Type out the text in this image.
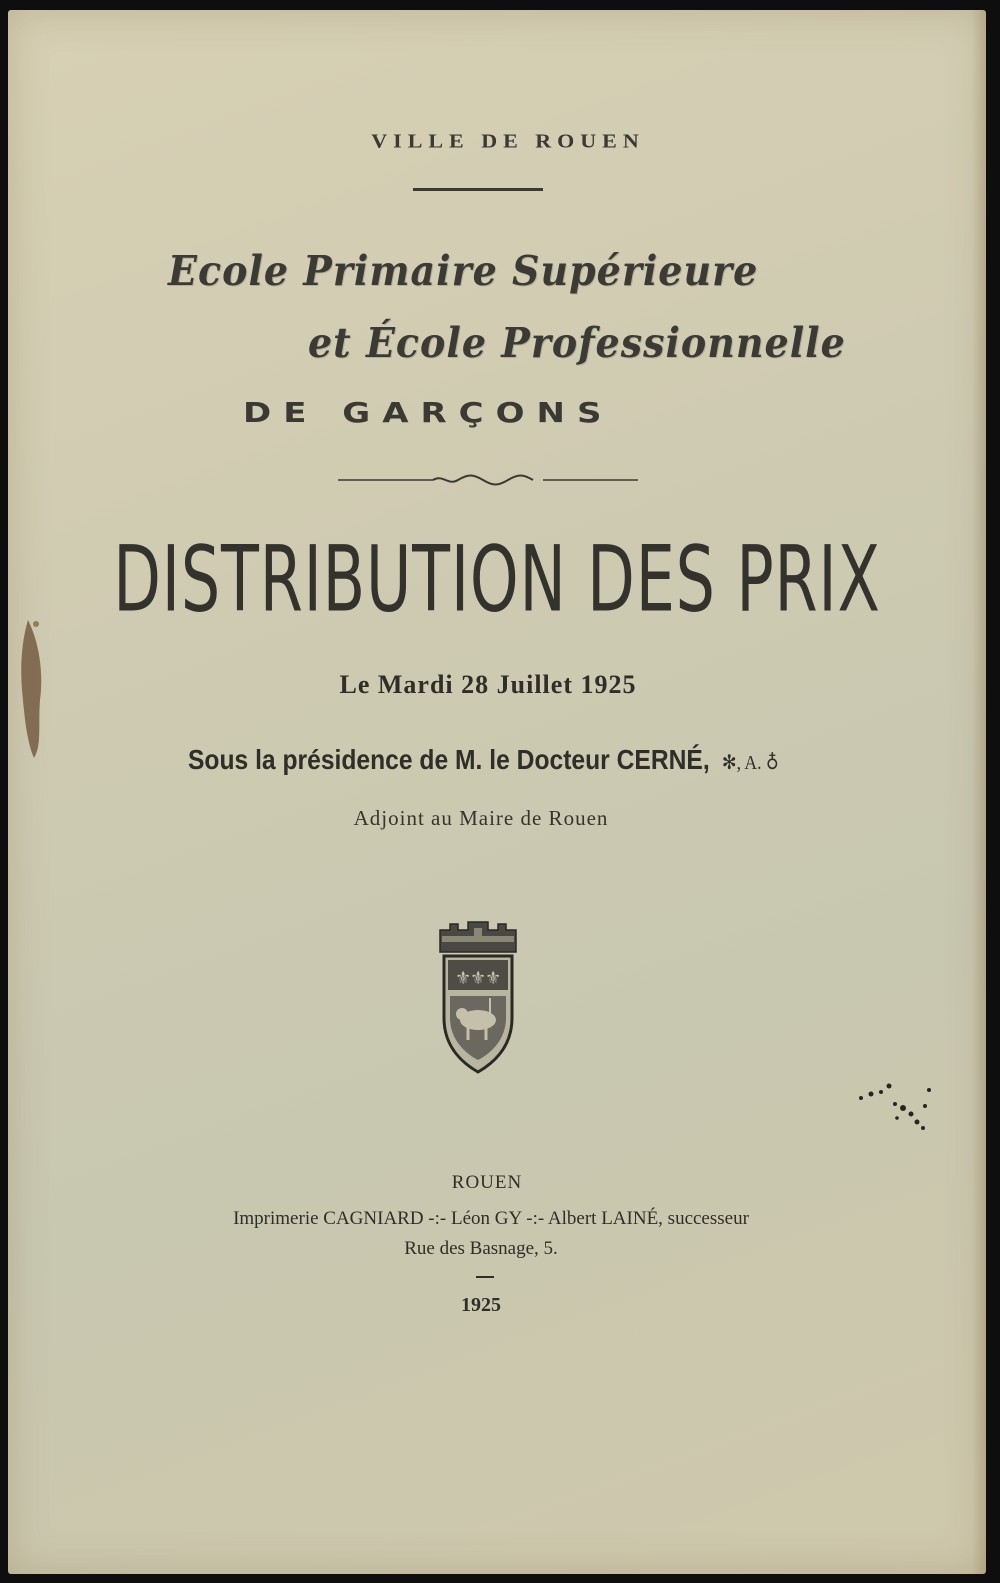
VILLE DE ROUEN
Ecole Primaire Supérieure
et École Professionnelle
DE GARÇONS
DISTRIBUTION DES PRIX
Le Mardi 28 Juillet 1925
Sous la présidence de M. le Docteur CERNÉ, ✻, A. ♁
Adjoint au Maire de Rouen
⚜
⚜
⚜
ROUEN
Imprimerie CAGNIARD -:- Léon GY -:- Albert LAINÉ, successeur
Rue des Basnage, 5.
1925
